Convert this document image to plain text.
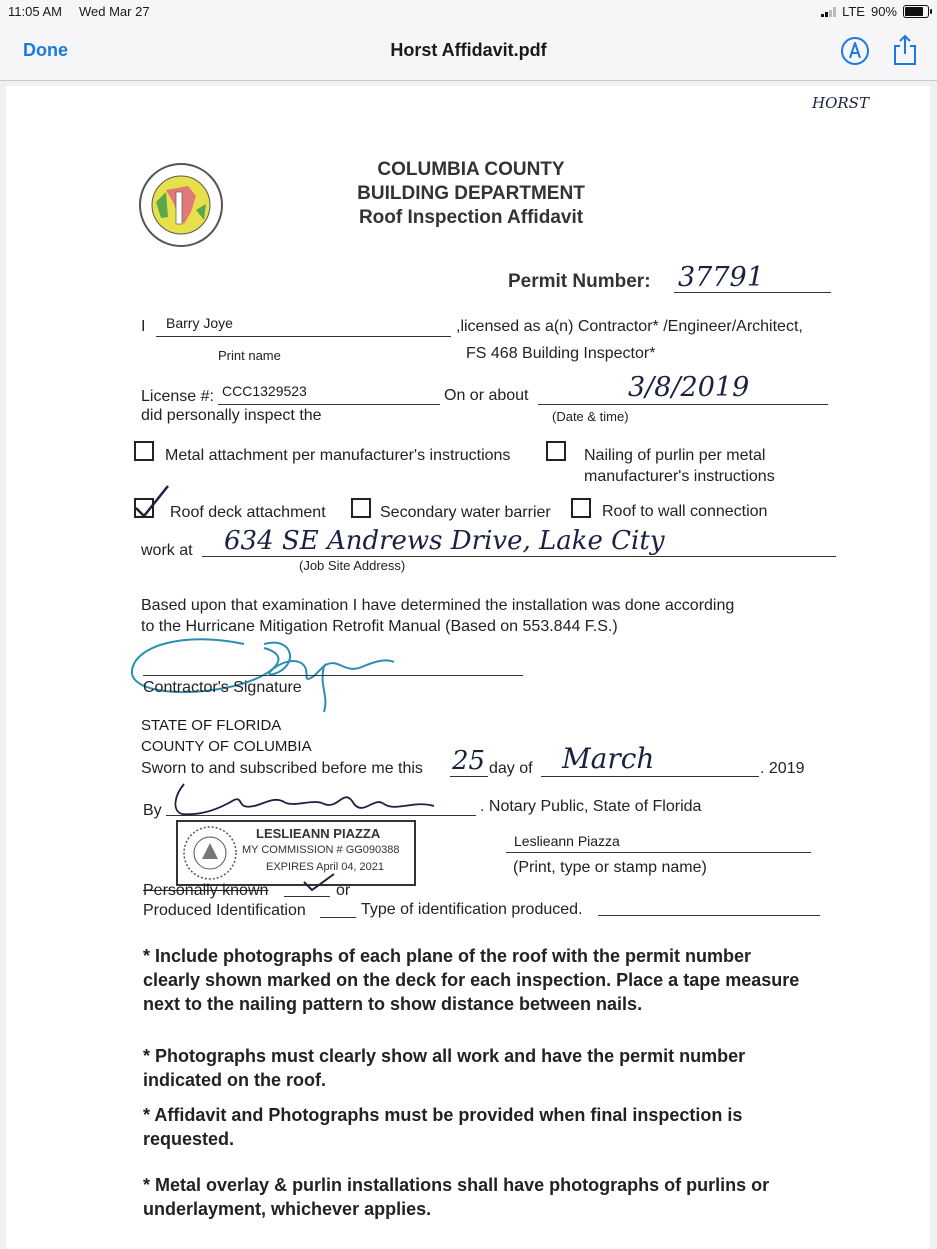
11:05 AM Wed Mar 27	LTE 90%
Done	Horst Affidavit.pdf
HORST
COLUMBIA COUNTY
BUILDING DEPARTMENT
Roof Inspection Affidavit
Permit Number: 37791
I Barry Joye
Print name
,licensed as a(n) Contractor* /Engineer/Architect,
FS 468 Building Inspector*
License #: CCC1329523	On or about	3/8/2019
(Date & time)
did personally inspect the
Metal attachment per manufacturer's instructions	Nailing of purlin per metal
manufacturer's instructions
Roof deck attachment	Secondary water barrier	Roof to wall connection
work at 634 SE Andrews Drive, Lake City
(Job Site Address)
Based upon that examination I have determined the installation was done according
to the Hurricane Mitigation Retrofit Manual (Based on 553.844 F.S.)
Contractor's Signature
STATE OF FLORIDA
COUNTY OF COLUMBIA
Sworn to and subscribed before me this 25 day of March	. 2019
By	. Notary Public, State of Florida
Leslieann Piazza
(Print, type or stamp name)
LESLIEANN PIAZZA
MY COMMISSION # GG090388
EXPIRES April 04, 2021
Personally known	or
Produced Identification	Type of identification produced.
* Include photographs of each plane of the roof with the permit number clearly shown marked on the deck for each inspection. Place a tape measure next to the nailing pattern to show distance between nails.
* Photographs must clearly show all work and have the permit number indicated on the roof.
* Affidavit and Photographs must be provided when final inspection is requested.
* Metal overlay & purlin installations shall have photographs of purlins or underlayment, whichever applies.
